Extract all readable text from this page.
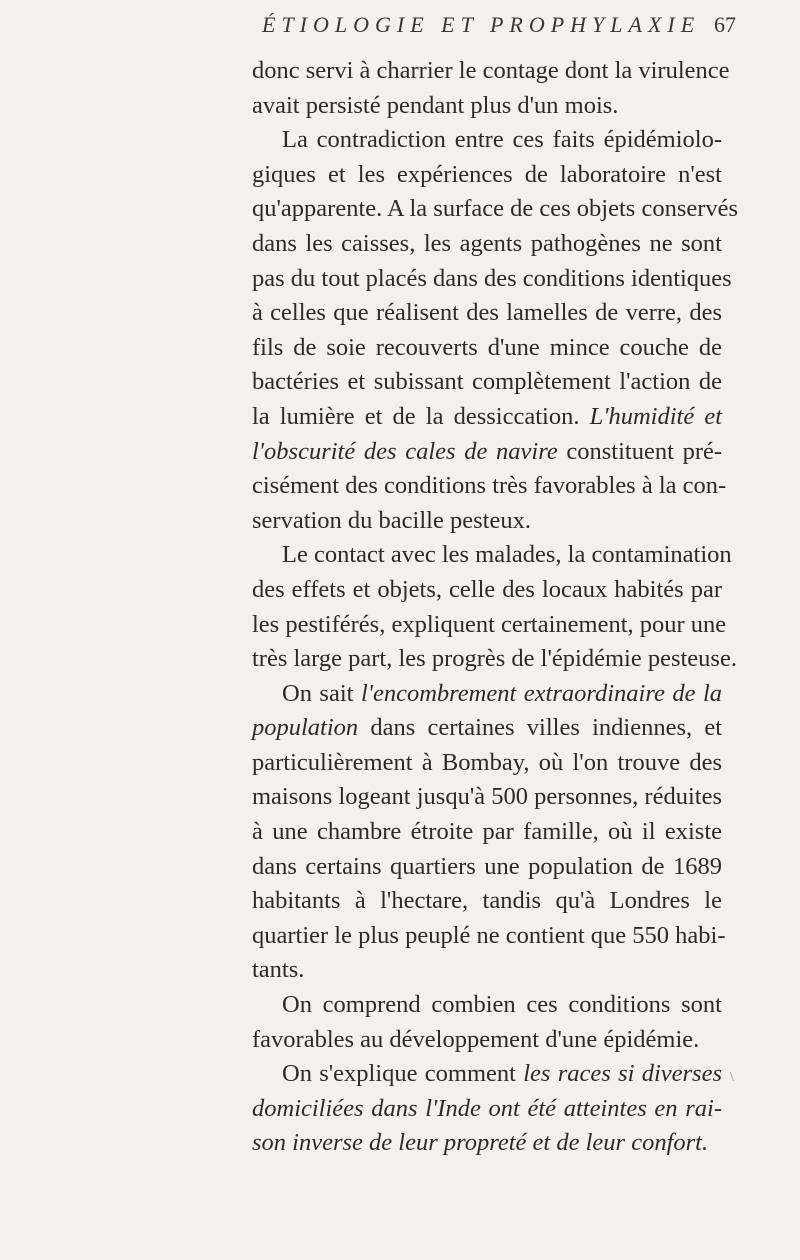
ÉTIOLOGIE ET PROPHYLAXIE 67
donc servi à charrier le contage dont la virulence
avait persisté pendant plus d'un mois.
La contradiction entre ces faits épidémiolo-
giques et les expériences de laboratoire n'est
qu'apparente. A la surface de ces objets conservés
dans les caisses, les agents pathogènes ne sont
pas du tout placés dans des conditions identiques
à celles que réalisent des lamelles de verre, des
fils de soie recouverts d'une mince couche de
bactéries et subissant complètement l'action de
la lumière et de la dessiccation. L'humidité et
l'obscurité des cales de navire constituent pré-
cisément des conditions très favorables à la con-
servation du bacille pesteux.
Le contact avec les malades, la contamination
des effets et objets, celle des locaux habités par
les pestiférés, expliquent certainement, pour une
très large part, les progrès de l'épidémie pesteuse.
On sait l'encombrement extraordinaire de la
population dans certaines villes indiennes, et
particulièrement à Bombay, où l'on trouve des
maisons logeant jusqu'à 500 personnes, réduites
à une chambre étroite par famille, où il existe
dans certains quartiers une population de 1689
habitants à l'hectare, tandis qu'à Londres le
quartier le plus peuplé ne contient que 550 habi-
tants.
On comprend combien ces conditions sont
favorables au développement d'une épidémie.
On s'explique comment les races si diverses
domiciliées dans l'Inde ont été atteintes en rai-
son inverse de leur propreté et de leur confort.
\
